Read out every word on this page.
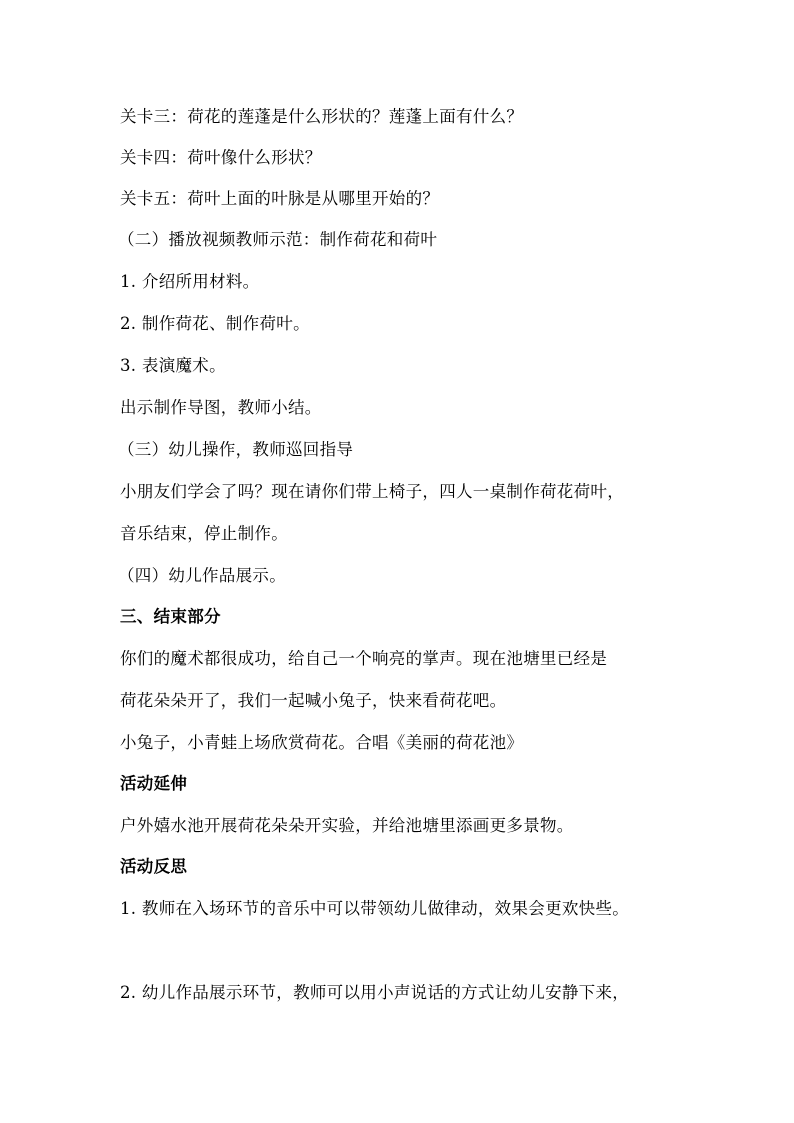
关卡三：荷花的莲蓬是什么形状的？莲蓬上面有什么？
关卡四：荷叶像什么形状？
关卡五：荷叶上面的叶脉是从哪里开始的？
（二）播放视频教师示范：制作荷花和荷叶
1. 介绍所用材料。
2. 制作荷花、制作荷叶。
3. 表演魔术。
出示制作导图，教师小结。
（三）幼儿操作，教师巡回指导
小朋友们学会了吗？现在请你们带上椅子，四人一桌制作荷花荷叶，
音乐结束，停止制作。
（四）幼儿作品展示。
三、结束部分
你们的魔术都很成功，给自己一个响亮的掌声。现在池塘里已经是
荷花朵朵开了，我们一起喊小兔子，快来看荷花吧。
小兔子，小青蛙上场欣赏荷花。合唱《美丽的荷花池》
活动延伸
户外嬉水池开展荷花朵朵开实验，并给池塘里添画更多景物。
活动反思
1. 教师在入场环节的音乐中可以带领幼儿做律动，效果会更欢快些。
2. 幼儿作品展示环节，教师可以用小声说话的方式让幼儿安静下来，
